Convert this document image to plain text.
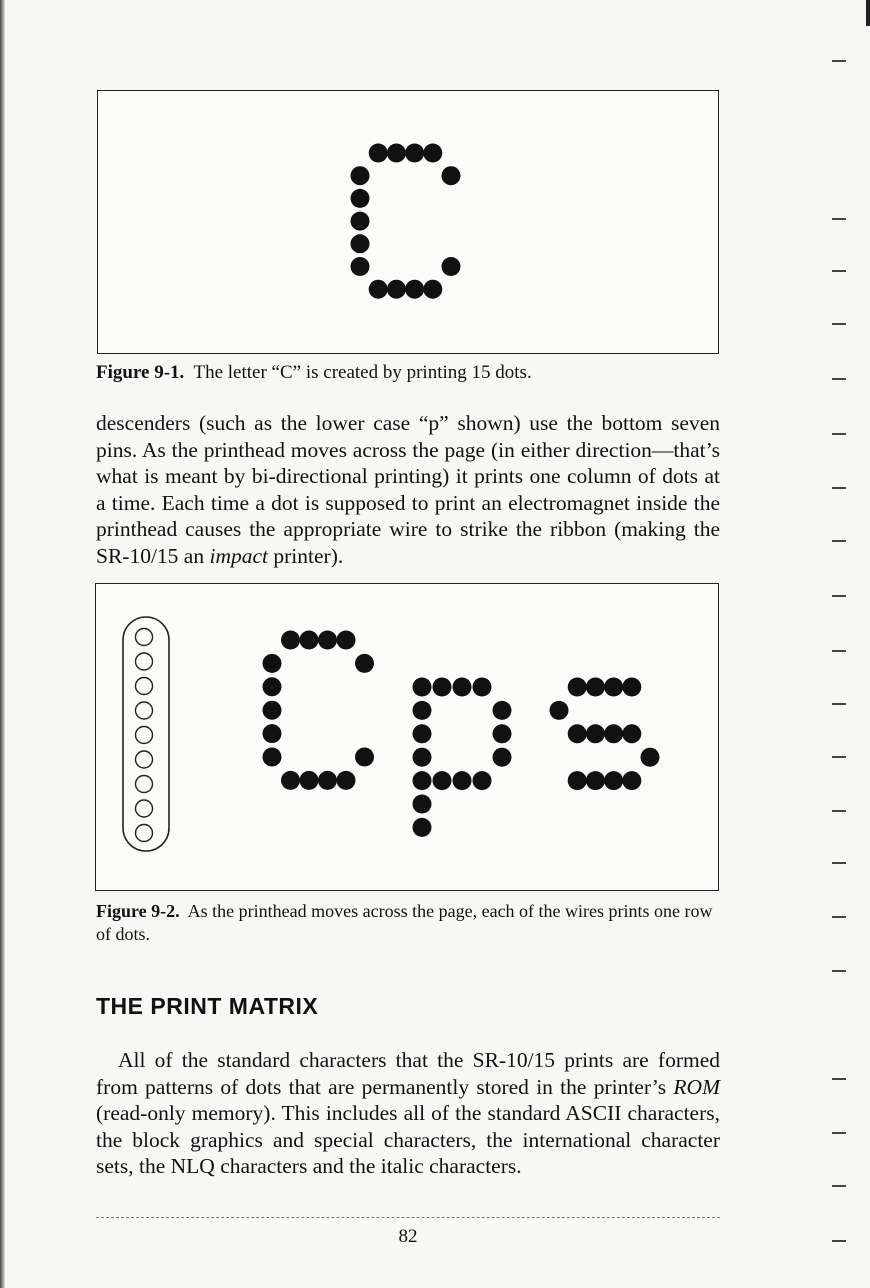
Figure 9-1. The letter “C” is created by printing 15 dots.

descenders (such as the lower case “p” shown) use the bottom seven pins. As the printhead moves across the page (in either direction—that’s what is meant by bi-directional printing) it prints one column of dots at a time. Each time a dot is supposed to print an electromagnet inside the printhead causes the appropriate wire to strike the ribbon (making the SR-10/15 an impact printer).

Figure 9-2. As the printhead moves across the page, each of the wires prints one row of dots.
THE PRINT MATRIX

All of the standard characters that the SR-10/15 prints are formed from patterns of dots that are permanently stored in the printer’s ROM (read-only memory). This includes all of the standard ASCII characters, the block graphics and special characters, the international character sets, the NLQ characters and the italic characters.

82
